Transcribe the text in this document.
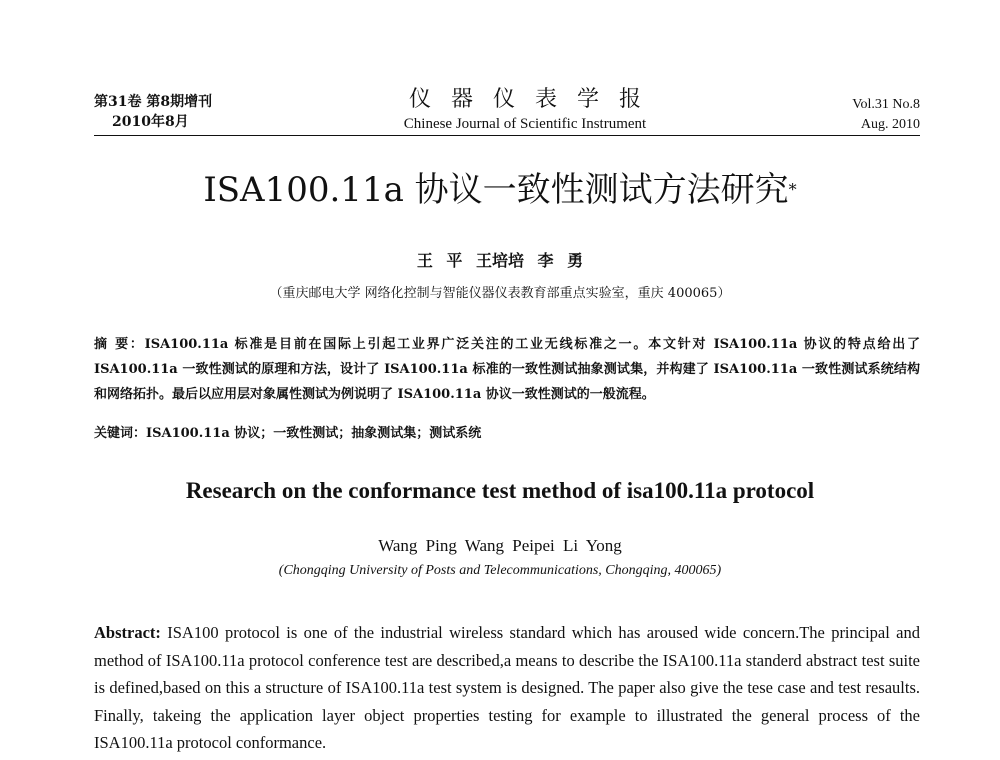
第31卷 第8期增刊
2010年8月
仪器仪表学报
Chinese Journal of Scientific Instrument
Vol.31 No.8
Aug. 2010
ISA100.11a 协议一致性测试方法研究*
王 平 王培培 李 勇
（重庆邮电大学 网络化控制与智能仪器仪表教育部重点实验室，重庆 400065）
摘 要：ISA100.11a 标准是目前在国际上引起工业界广泛关注的工业无线标准之一。本文针对 ISA100.11a 协议的特点给出了 ISA100.11a 一致性测试的原理和方法，设计了 ISA100.11a 标准的一致性测试抽象测试集，并构建了 ISA100.11a 一致性测试系统结构和网络拓扑。最后以应用层对象属性测试为例说明了 ISA100.11a 协议一致性测试的一般流程。
关键词：ISA100.11a 协议；一致性测试；抽象测试集；测试系统
Research on the conformance test method of isa100.11a protocol
Wang Ping Wang Peipei Li Yong
(Chongqing University of Posts and Telecommunications, Chongqing, 400065)
Abstract: ISA100 protocol is one of the industrial wireless standard which has aroused wide concern.The principal and method of ISA100.11a protocol conference test are described,a means to describe the ISA100.11a standerd abstract test suite is defined,based on this a structure of ISA100.11a test system is designed. The paper also give the tese case and test resaults. Finally, takeing the application layer object properties testing for example to illustrated the general process of the ISA100.11a protocol conformance.
